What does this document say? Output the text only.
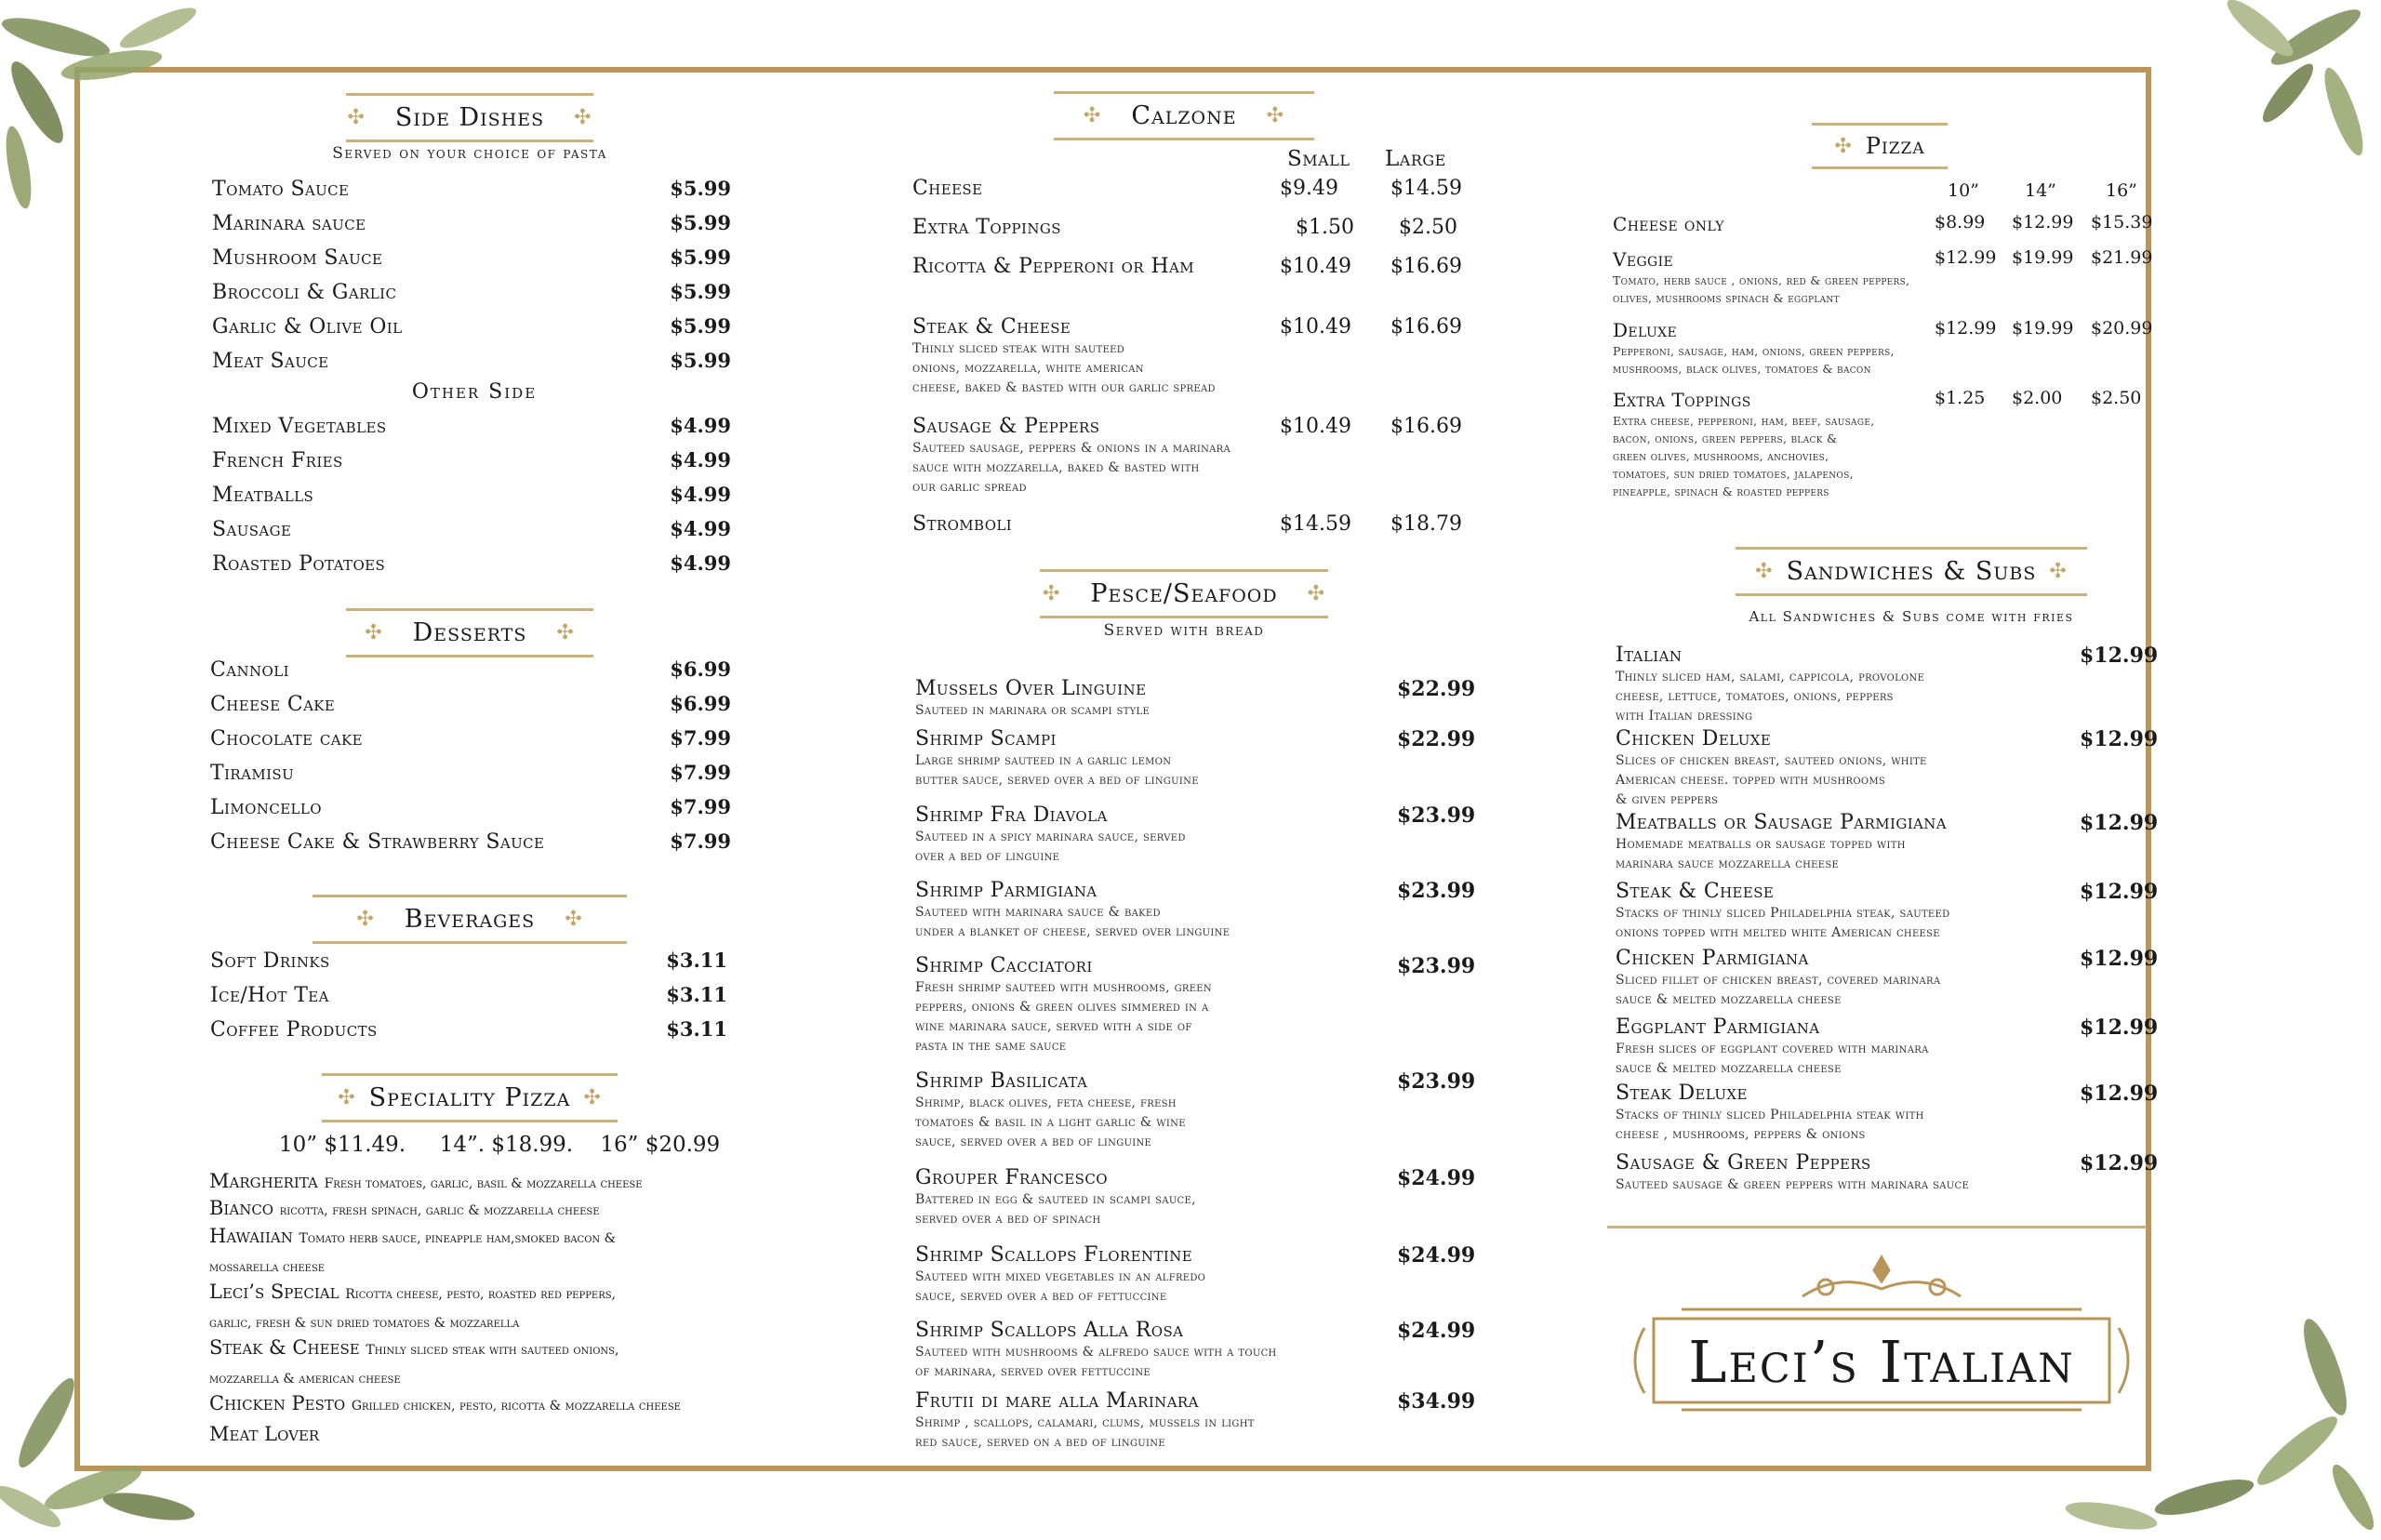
✣ Side Dishes ✣
Served on your choice of pasta
Tomato Sauce	$5.99
Marinara sauce	$5.99
Mushroom Sauce	$5.99
Broccoli & Garlic	$5.99
Garlic & Olive Oil	$5.99
Meat Sauce	$5.99
Other Side
Mixed Vegetables	$4.99
French Fries	$4.99
Meatballs	$4.99
Sausage	$4.99
Roasted Potatoes	$4.99
✣ Desserts ✣
Cannoli	$6.99
Cheese Cake	$6.99
Chocolate cake	$7.99
Tiramisu	$7.99
Limoncello	$7.99
Cheese Cake & Strawberry Sauce	$7.99
✣ Beverages ✣
Soft Drinks	$3.11
Ice/Hot Tea	$3.11
Coffee Products	$3.11
✣ Speciality Pizza ✣
10” $11.49.     14”. $18.99.    16” $20.99
Margherita Fresh tomatoes, garlic, basil & mozzarella cheese
Bianco ricotta, fresh spinach, garlic & mozzarella cheese
Hawaiian Tomato herb sauce, pineapple ham,smoked bacon &
mossarella cheese
Leci’s Special Ricotta cheese, pesto, roasted red peppers,
garlic, fresh & sun dried tomatoes & mozzarella
Steak & Cheese Thinly sliced steak with sauteed onions,
mozzarella & american cheese
Chicken Pesto Grilled chicken, pesto, ricotta & mozzarella cheese
Meat Lover
✣ Calzone ✣
Small Large
Cheese	$9.49	$14.59
Extra Toppings	$1.50 $2.50
Ricotta & Pepperoni or Ham	$10.49 $16.69
Steak & Cheese
Thinly sliced steak with sauteed
onions, mozzarella, white american
cheese, baked & basted with our garlic spread
$10.49 $16.69
Sausage & Peppers
Sauteed sausage, peppers & onions in a marinara
sauce with mozzarella, baked & basted with
our garlic spread
$10.49 $16.69
Stromboli	$14.59 $18.79
✣ Pesce/Seafood ✣
Served with bread
Mussels Over Linguine
Sauteed in marinara or scampi style
$22.99
Shrimp Scampi
Large shrimp sauteed in a garlic lemon
butter sauce, served over a bed of linguine
$22.99
Shrimp Fra Diavola
Sauteed in a spicy marinara sauce, served
over a bed of linguine
$23.99
Shrimp Parmigiana
Sauteed with marinara sauce & baked
under a blanket of cheese, served over linguine
$23.99
Shrimp Cacciatori
Fresh shrimp sauteed with mushrooms, green
peppers, onions & green olives simmered in a
wine marinara sauce, served with a side of
pasta in the same sauce
$23.99
Shrimp Basilicata
Shrimp, black olives, feta cheese, fresh
tomatoes & basil in a light garlic & wine
sauce, served over a bed of linguine
$23.99
Grouper Francesco
Battered in egg & sauteed in scampi sauce,
served over a bed of spinach
$24.99
Shrimp Scallops Florentine
Sauteed with mixed vegetables in an alfredo
sauce, served over a bed of fettuccine
$24.99
Shrimp Scallops Alla Rosa
Sauteed with mushrooms & alfredo sauce with a touch
of marinara, served over fettuccine
$24.99
Frutii di mare alla Marinara
Shrimp , scallops, calamari, clums, mussels in light
red sauce, served on a bed of linguine
$34.99
✣ Pizza
10”	14”	16”
Cheese only	$8.99 $12.99 $15.39
Veggie
Tomato, herb sauce , onions, red & green peppers,
olives, mushrooms spinach & eggplant
$12.99 $19.99 $21.99
Deluxe
Pepperoni, sausage, ham, onions, green peppers,
mushrooms, black olives, tomatoes & bacon
$12.99 $19.99 $20.99
Extra Toppings
Extra cheese, pepperoni, ham, beef, sausage,
bacon, onions, green peppers, black &
green olives, mushrooms, anchovies,
tomatoes, sun dried tomatoes, jalapenos,
pineapple, spinach & roasted peppers
$1.25 $2.00 $2.50
✣ Sandwiches & Subs ✣
All Sandwiches & Subs come with fries
Italian
Thinly sliced ham, salami, cappicola, provolone
cheese, lettuce, tomatoes, onions, peppers
with Italian dressing
$12.99
Chicken Deluxe
Slices of chicken breast, sauteed onions, white
American cheese. topped with mushrooms
& given peppers
$12.99
Meatballs or Sausage Parmigiana
Homemade meatballs or sausage topped with
marinara sauce mozzarella cheese
$12.99
Steak & Cheese
Stacks of thinly sliced Philadelphia steak, sauteed
onions topped with melted white American cheese
$12.99
Chicken Parmigiana
Sliced fillet of chicken breast, covered marinara
sauce & melted mozzarella cheese
$12.99
Eggplant Parmigiana
Fresh slices of eggplant covered with marinara
sauce & melted mozzarella cheese
$12.99
Steak Deluxe
Stacks of thinly sliced Philadelphia steak with
cheese , mushrooms, peppers & onions
$12.99
Sausage & Green Peppers
Sauteed sausage & green peppers with marinara sauce
$12.99
Leci’s Italian
